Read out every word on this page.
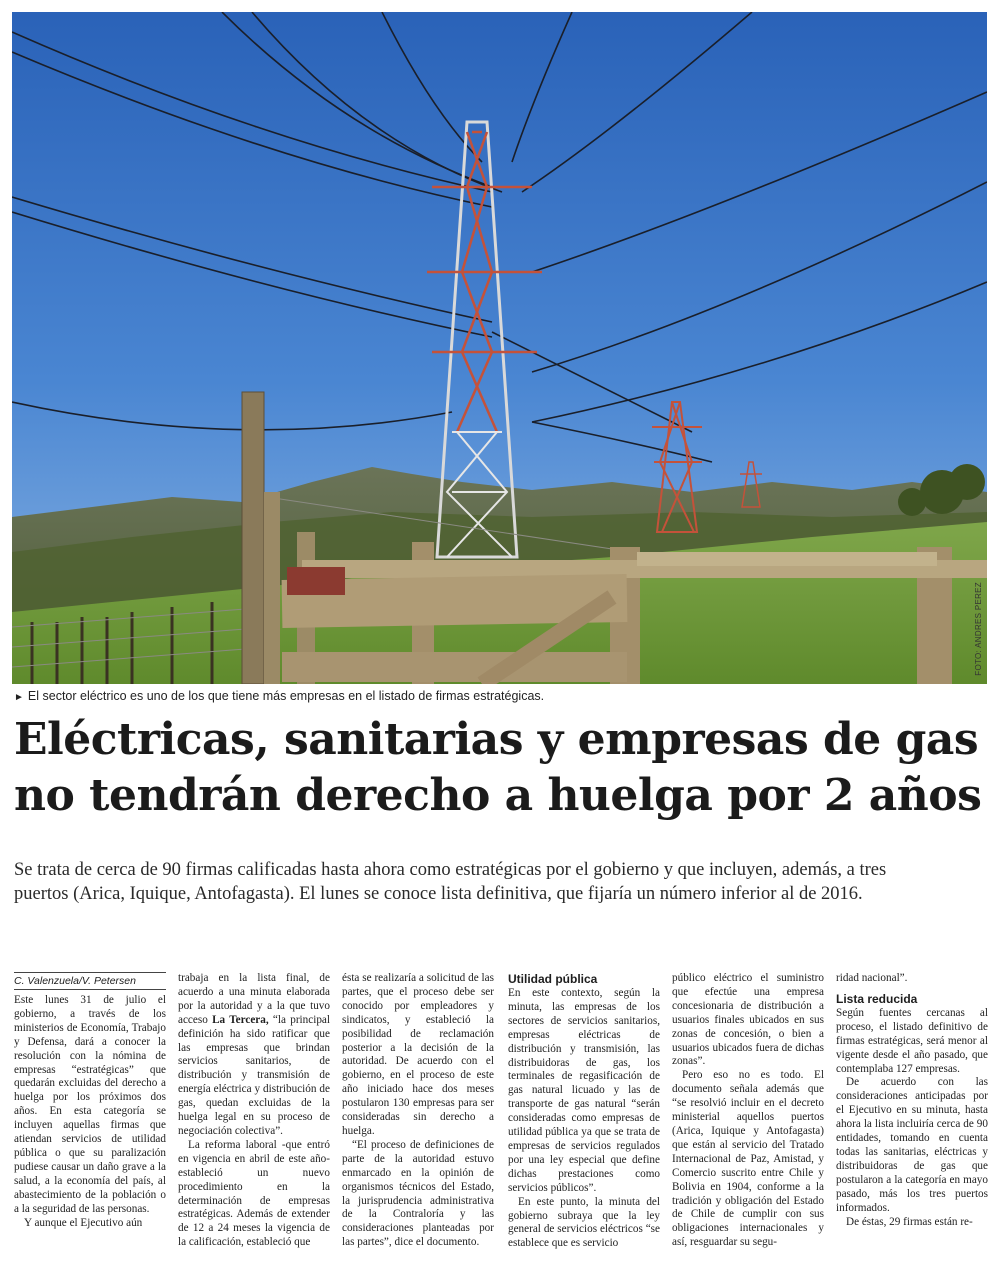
FOTO: ANDRES PEREZ
► El sector eléctrico es uno de los que tiene más empresas en el listado de firmas estratégicas.
Eléctricas, sanitarias y empresas de gas
no tendrán derecho a huelga por 2 años

Se trata de cerca de 90 firmas calificadas hasta ahora como estratégicas por el gobierno y que incluyen, además, a tres
puertos (Arica, Iquique, Antofagasta). El lunes se conoce lista definitiva, que fijaría un número inferior al de 2016.

C. Valenzuela/V. Petersen

Este lunes 31 de julio el gobierno, a través de los ministerios de Economía, Trabajo y Defensa, dará a conocer la resolución con la nómina de empresas “estratégicas” que quedarán excluidas del derecho a huelga por los próximos dos años. En esta categoría se incluyen aquellas firmas que atiendan servicios de utilidad pública o que su paralización pudiese causar un daño grave a la salud, a la economía del país, al abastecimiento de la población o a la seguridad de las personas.

Y aunque el Ejecutivo aún

trabaja en la lista final, de acuerdo a una minuta elaborada por la autoridad y a la que tuvo acceso La Tercera, “la principal definición ha sido ratificar que las empresas que brindan servicios sanitarios, de distribución y transmisión de energía eléctrica y distribución de gas, quedan excluidas de la huelga legal en su proceso de negociación colectiva”.

La reforma laboral -que entró en vigencia en abril de este año- estableció un nuevo procedimiento en la determinación de empresas estratégicas. Además de extender de 12 a 24 meses la vigencia de la calificación, estableció que

ésta se realizaría a solicitud de las partes, que el proceso debe ser conocido por empleadores y sindicatos, y estableció la posibilidad de reclamación posterior a la decisión de la autoridad. De acuerdo con el gobierno, en el proceso de este año iniciado hace dos meses postularon 130 empresas para ser consideradas sin derecho a huelga.

“El proceso de definiciones de parte de la autoridad estuvo enmarcado en la opinión de organismos técnicos del Estado, la jurisprudencia administrativa de la Contraloría y las consideraciones planteadas por las partes”, dice el documento.

Utilidad pública

En este contexto, según la minuta, las empresas de los sectores de servicios sanitarios, empresas eléctricas de distribución y transmisión, las distribuidoras de gas, los terminales de regasificación de gas natural licuado y las de transporte de gas natural “serán consideradas como empresas de utilidad pública ya que se trata de empresas de servicios regulados por una ley especial que define dichas prestaciones como servicios públicos”.

En este punto, la minuta del gobierno subraya que la ley general de servicios eléctricos “se establece que es servicio

público eléctrico el suministro que efectúe una empresa concesionaria de distribución a usuarios finales ubicados en sus zonas de concesión, o bien a usuarios ubicados fuera de dichas zonas”.

Pero eso no es todo. El documento señala además que “se resolvió incluir en el decreto ministerial aquellos puertos (Arica, Iquique y Antofagasta) que están al servicio del Tratado Internacional de Paz, Amistad, y Comercio suscrito entre Chile y Bolivia en 1904, conforme a la tradición y obligación del Estado de Chile de cumplir con sus obligaciones internacionales y así, resguardar su segu-

ridad nacional”.

Lista reducida

Según fuentes cercanas al proceso, el listado definitivo de firmas estratégicas, será menor al vigente desde el año pasado, que contemplaba 127 empresas.

De acuerdo con las consideraciones anticipadas por el Ejecutivo en su minuta, hasta ahora la lista incluiría cerca de 90 entidades, tomando en cuenta todas las sanitarias, eléctricas y distribuidoras de gas que postularon a la categoría en mayo pasado, más los tres puertos informados.

De éstas, 29 firmas están re-
